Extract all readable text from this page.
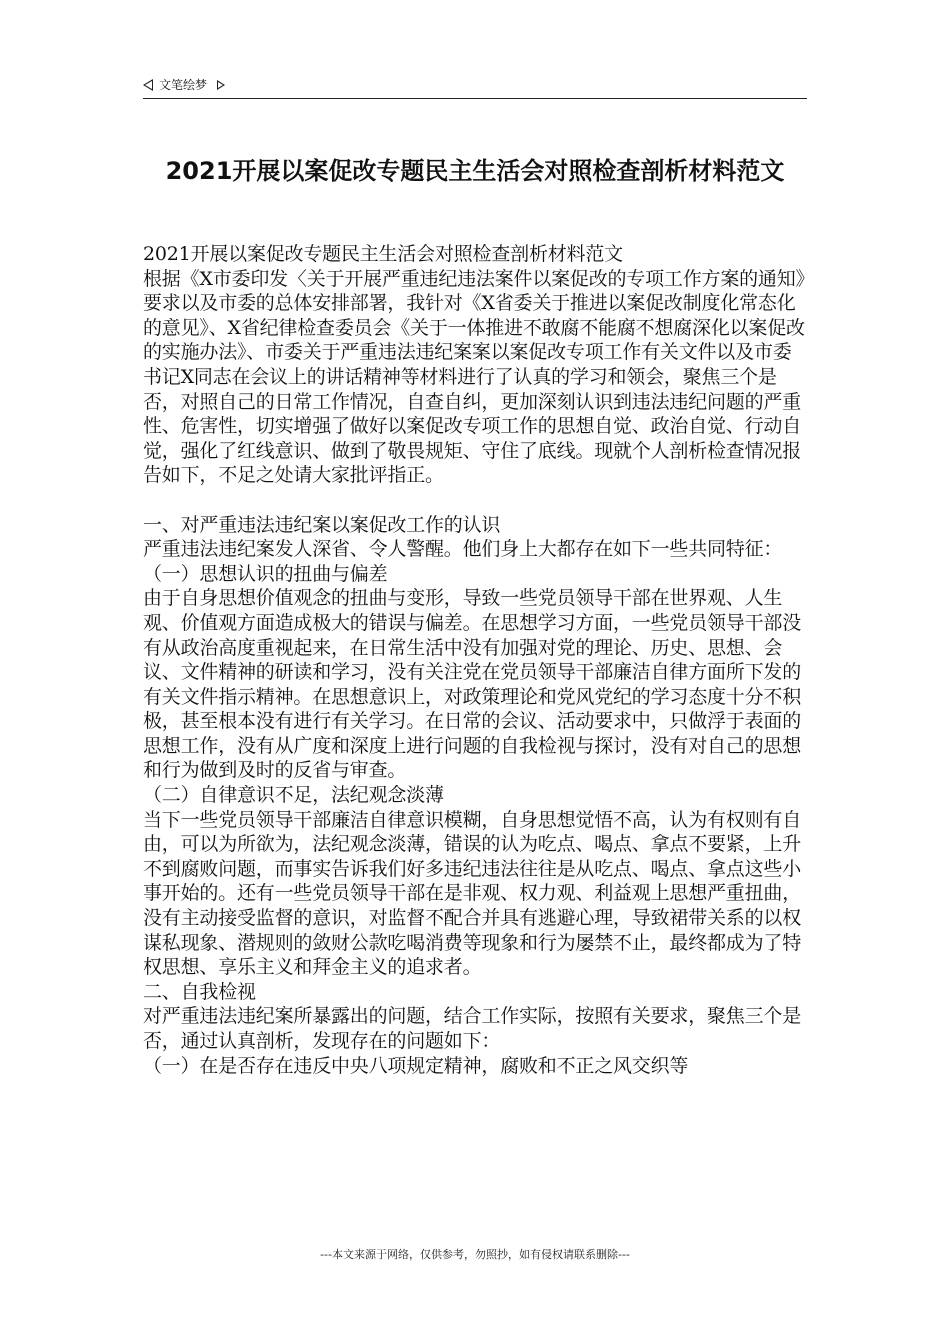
文笔绘梦
2021开展以案促改专题民主生活会对照检查剖析材料范文

2021开展以案促改专题民主生活会对照检查剖析材料范文

根据《X市委印发〈关于开展严重违纪违法案件以案促改的专项工作方案的通知》要求以及市委的总体安排部署，我针对《X省委关于推进以案促改制度化常态化的意见》、X省纪律检查委员会《关于一体推进不敢腐不能腐不想腐深化以案促改的实施办法》、市委关于严重违法违纪案案以案促改专项工作有关文件以及市委书记X同志在会议上的讲话精神等材料进行了认真的学习和领会，聚焦三个是否，对照自己的日常工作情况，自查自纠，更加深刻认识到违法违纪问题的严重性、危害性，切实增强了做好以案促改专项工作的思想自觉、政治自觉、行动自觉，强化了红线意识、做到了敬畏规矩、守住了底线。现就个人剖析检查情况报告如下，不足之处请大家批评指正。

一、对严重违法违纪案以案促改工作的认识

严重违法违纪案发人深省、令人警醒。他们身上大都存在如下一些共同特征：

（一）思想认识的扭曲与偏差

由于自身思想价值观念的扭曲与变形，导致一些党员领导干部在世界观、人生观、价值观方面造成极大的错误与偏差。在思想学习方面，一些党员领导干部没有从政治高度重视起来，在日常生活中没有加强对党的理论、历史、思想、会议、文件精神的研读和学习，没有关注党在党员领导干部廉洁自律方面所下发的有关文件指示精神。在思想意识上，对政策理论和党风党纪的学习态度十分不积极，甚至根本没有进行有关学习。在日常的会议、活动要求中，只做浮于表面的思想工作，没有从广度和深度上进行问题的自我检视与探讨，没有对自己的思想和行为做到及时的反省与审查。

（二）自律意识不足，法纪观念淡薄

当下一些党员领导干部廉洁自律意识模糊，自身思想觉悟不高，认为有权则有自由，可以为所欲为，法纪观念淡薄，错误的认为吃点、喝点、拿点不要紧，上升不到腐败问题，而事实告诉我们好多违纪违法往往是从吃点、喝点、拿点这些小事开始的。还有一些党员领导干部在是非观、权力观、利益观上思想严重扭曲，没有主动接受监督的意识，对监督不配合并具有逃避心理，导致裙带关系的以权谋私现象、潜规则的敛财公款吃喝消费等现象和行为屡禁不止，最终都成为了特权思想、享乐主义和拜金主义的追求者。

二、自我检视

对严重违法违纪案所暴露出的问题，结合工作实际，按照有关要求，聚焦三个是否，通过认真剖析，发现存在的问题如下：

（一）在是否存在违反中央八项规定精神，腐败和不正之风交织等

---本文来源于网络，仅供参考，勿照抄，如有侵权请联系删除---
